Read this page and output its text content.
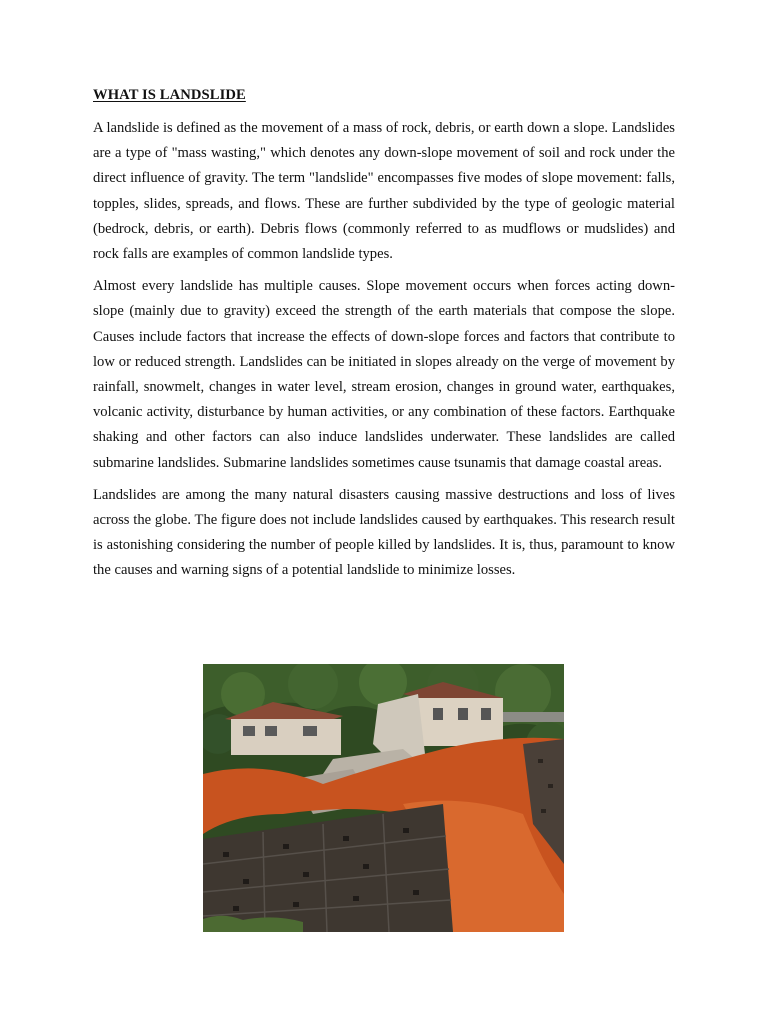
WHAT IS LANDSLIDE

A landslide is defined as the movement of a mass of rock, debris, or earth down a slope. Landslides are a type of "mass wasting," which denotes any down-slope movement of soil and rock under the direct influence of gravity. The term "landslide" encompasses five modes of slope movement: falls, topples, slides, spreads, and flows. These are further subdivided by the type of geologic material (bedrock, debris, or earth). Debris flows (commonly referred to as mudflows or mudslides) and rock falls are examples of common landslide types.

Almost every landslide has multiple causes. Slope movement occurs when forces acting down-slope (mainly due to gravity) exceed the strength of the earth materials that compose the slope. Causes include factors that increase the effects of down-slope forces and factors that contribute to low or reduced strength. Landslides can be initiated in slopes already on the verge of movement by rainfall, snowmelt, changes in water level, stream erosion, changes in ground water, earthquakes, volcanic activity, disturbance by human activities, or any combination of these factors. Earthquake shaking and other factors can also induce landslides underwater. These landslides are called submarine landslides. Submarine landslides sometimes cause tsunamis that damage coastal areas.

Landslides are among the many natural disasters causing massive destructions and loss of lives across the globe. The figure does not include landslides caused by earthquakes. This research result is astonishing considering the number of people killed by landslides. It is, thus, paramount to know the causes and warning signs of a potential landslide to minimize losses.
